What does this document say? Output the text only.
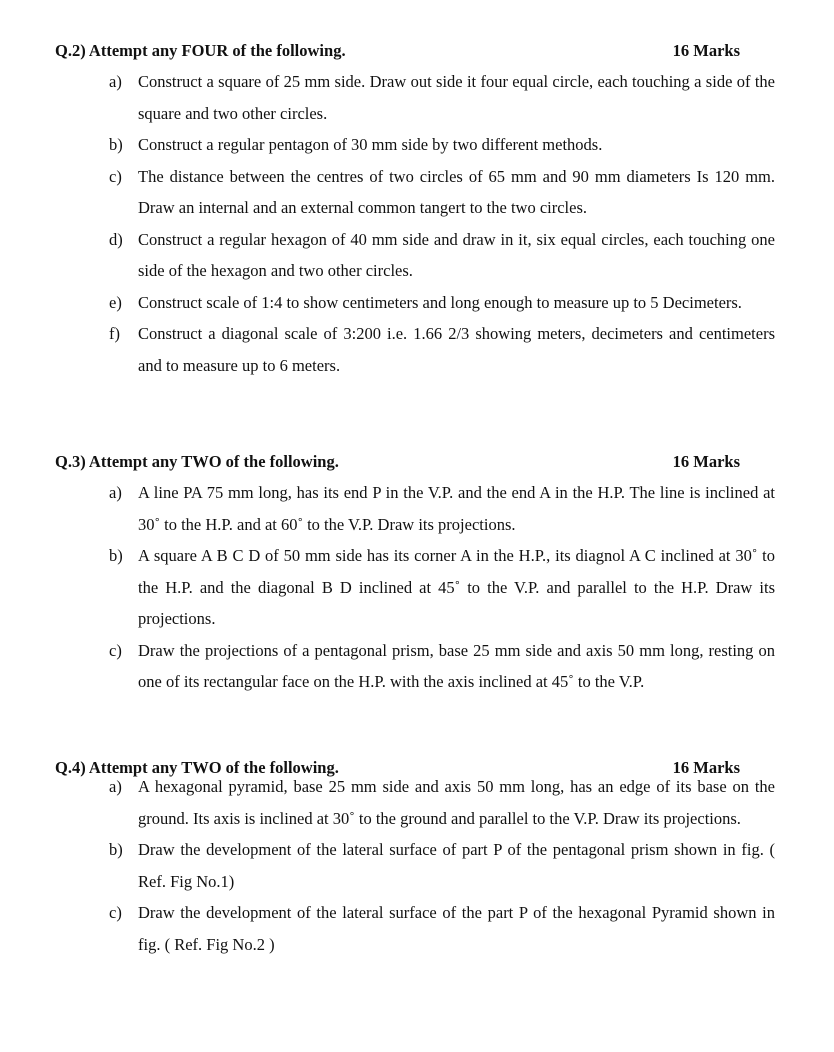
Q.2) Attempt any FOUR of the following.	16 Marks
a) Construct a square of 25 mm side. Draw out side it four equal circle, each touching a side of the square and two other circles.
b) Construct a regular pentagon of 30 mm side by two different methods.
c) The distance between the centres of two circles of 65 mm and 90 mm diameters Is 120 mm. Draw an internal and an external common tangert to the two circles.
d) Construct a regular hexagon of 40 mm side and draw in it, six equal circles, each touching one side of the hexagon and two other circles.
e) Construct scale of 1:4 to show centimeters and long enough to measure up to 5 Decimeters.
f) Construct a diagonal scale of 3:200 i.e. 1.66 2/3 showing meters, decimeters and centimeters and to measure up to 6 meters.
Q.3) Attempt any TWO of the following.	16 Marks
a) A line PA 75 mm long, has its end P in the V.P. and the end A in the H.P. The line is inclined at 30˚ to the H.P. and at 60˚ to the V.P. Draw its projections.
b) A square A B C D of 50 mm side has its corner A in the H.P., its diagnol A C inclined at 30˚ to the H.P. and the diagonal B D inclined at 45˚ to the V.P. and parallel to the H.P. Draw its projections.
c) Draw the projections of a pentagonal prism, base 25 mm side and axis 50 mm long, resting on one of its rectangular face on the H.P. with the axis inclined at 45˚ to the V.P.
Q.4) Attempt any TWO of the following.	16 Marks
a) A hexagonal pyramid, base 25 mm side and axis 50 mm long, has an edge of its base on the ground. Its axis is inclined at 30˚ to the ground and parallel to the V.P. Draw its projections.
b) Draw the development of the lateral surface of part P of the pentagonal prism shown in fig. ( Ref. Fig No.1)
c) Draw the development of the lateral surface of the part P of the hexagonal Pyramid shown in fig. ( Ref. Fig No.2 )
